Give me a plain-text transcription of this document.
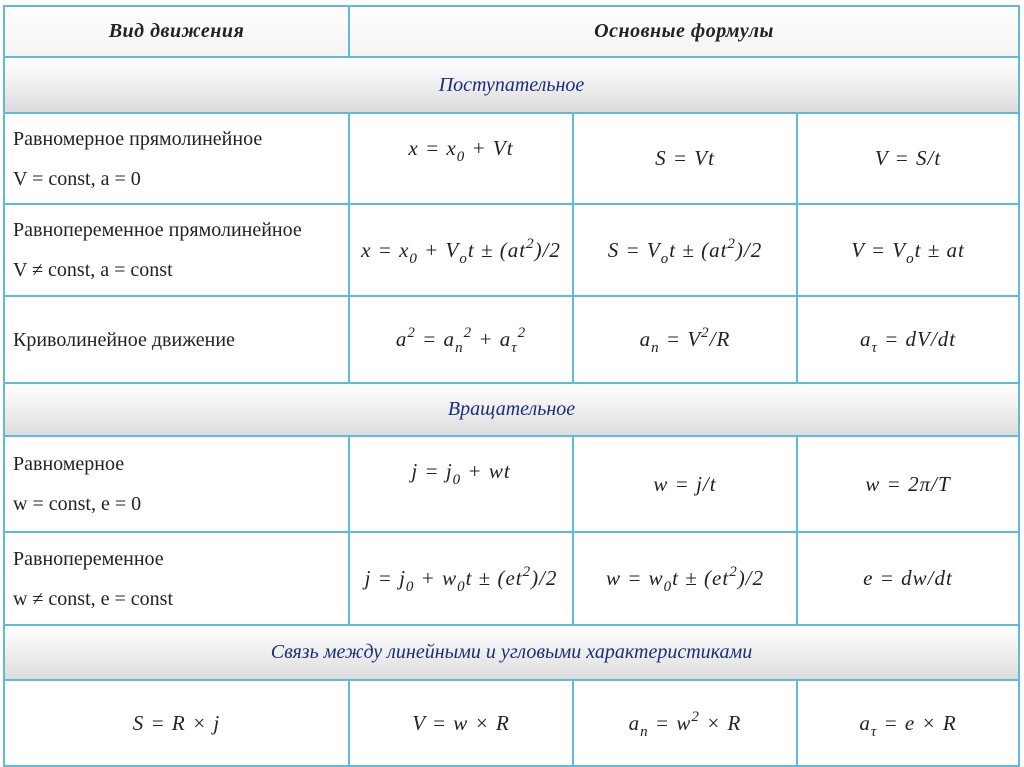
Вид движения	Основные формулы		
Поступательное			

Равномерное прямолинейное
V = const, a = 0	$x = x_0 + Vt$	S = Vt	V = S/t

Равнопеременное прямолинейное
V ≠ const, a = const	$x = x_0 + V_ot \pm (at^2)/2$	$S = V_ot \pm (at^2)/2$	$V = V_ot$ ± at

Криволинейное движение	$a^2 = a_n^2 + a_\tau^2$	$a_n = V^2/R$	$a_\tau = dV/dt$
Вращательное			

Равномерное
w = const, e = 0	$j = j_0$ + wt	w = j/t	w = 2π/T

Равнопеременное
w ≠ const, e = const	$j = j_0 + w_0t \pm (et^2)/2$	$w = w_0t \pm (et^2)/2$	e = dw/dt
Связь между линейными и угловыми характеристиками			
S = R × j	V = w × R	$a_n = w^2 \times R$	$a_\tau = e \times R$
